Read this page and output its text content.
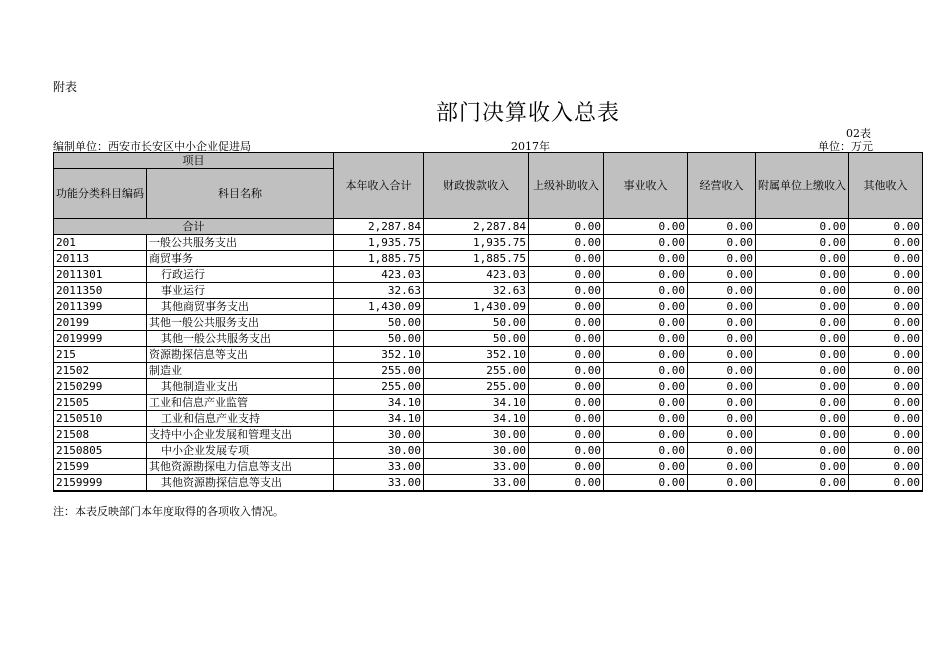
附表
部门决算收入总表
02表
编制单位：西安市长安区中小企业促进局	2017年	单位：万元
项目		本年收入合计	财政拨款收入	上级补助收入	事业收入	经营收入	附属单位上缴收入	其他收入
功能分类科目编码	科目名称							
合计		2,287.84	2,287.84	0.00	0.00	0.00	0.00	0.00
201	一般公共服务支出	1,935.75	1,935.75	0.00	0.00	0.00	0.00	0.00
20113	商贸事务	1,885.75	1,885.75	0.00	0.00	0.00	0.00	0.00
2011301	行政运行	423.03	423.03	0.00	0.00	0.00	0.00	0.00
2011350	事业运行	32.63	32.63	0.00	0.00	0.00	0.00	0.00
2011399	其他商贸事务支出	1,430.09	1,430.09	0.00	0.00	0.00	0.00	0.00
20199	其他一般公共服务支出	50.00	50.00	0.00	0.00	0.00	0.00	0.00
2019999	其他一般公共服务支出	50.00	50.00	0.00	0.00	0.00	0.00	0.00
215	资源勘探信息等支出	352.10	352.10	0.00	0.00	0.00	0.00	0.00
21502	制造业	255.00	255.00	0.00	0.00	0.00	0.00	0.00
2150299	其他制造业支出	255.00	255.00	0.00	0.00	0.00	0.00	0.00
21505	工业和信息产业监管	34.10	34.10	0.00	0.00	0.00	0.00	0.00
2150510	工业和信息产业支持	34.10	34.10	0.00	0.00	0.00	0.00	0.00
21508	支持中小企业发展和管理支出	30.00	30.00	0.00	0.00	0.00	0.00	0.00
2150805	中小企业发展专项	30.00	30.00	0.00	0.00	0.00	0.00	0.00
21599	其他资源勘探电力信息等支出	33.00	33.00	0.00	0.00	0.00	0.00	0.00
2159999	其他资源勘探信息等支出	33.00	33.00	0.00	0.00	0.00	0.00	0.00
注：本表反映部门本年度取得的各项收入情况。
